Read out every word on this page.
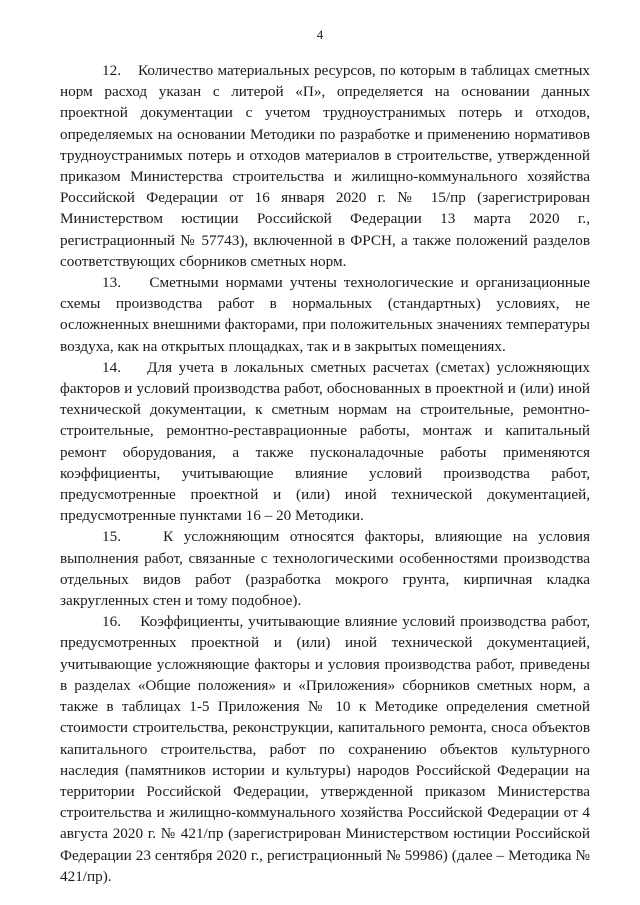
4

12.    Количество материальных ресурсов, по которым в таблицах сметных норм расход указан с литерой «П», определяется на основании данных проектной документации с учетом трудноустранимых потерь и отходов, определяемых на основании Методики по разработке и применению нормативов трудноустранимых потерь и отходов материалов в строительстве, утвержденной приказом Министерства строительства и жилищно-коммунального хозяйства Российской Федерации от 16 января 2020 г. № 15/пр (зарегистрирован Министерством юстиции Российской Федерации 13 марта 2020 г., регистрационный № 57743), включенной в ФРСН, а также положений разделов соответствующих сборников сметных норм.

13.    Сметными нормами учтены технологические и организационные схемы производства работ в нормальных (стандартных) условиях, не осложненных внешними факторами, при положительных значениях температуры воздуха, как на открытых площадках, так и в закрытых помещениях.

14.    Для учета в локальных сметных расчетах (сметах) усложняющих факторов и условий производства работ, обоснованных в проектной и (или) иной технической документации, к сметным нормам на строительные, ремонтно-строительные, ремонтно-реставрационные работы, монтаж и капитальный ремонт оборудования, а также пусконаладочные работы применяются коэффициенты, учитывающие влияние условий производства работ, предусмотренные проектной и (или) иной технической документацией, предусмотренные пунктами 16 – 20 Методики.

15.    К усложняющим относятся факторы, влияющие на условия выполнения работ, связанные с технологическими особенностями производства отдельных видов работ (разработка мокрого грунта, кирпичная кладка закругленных стен и тому подобное).

16.    Коэффициенты, учитывающие влияние условий производства работ, предусмотренных проектной и (или) иной технической документацией, учитывающие усложняющие факторы и условия производства работ, приведены в разделах «Общие положения» и «Приложения» сборников сметных норм, а также в таблицах 1-5 Приложения № 10 к Методике определения сметной стоимости строительства, реконструкции, капитального ремонта, сноса объектов капитального строительства, работ по сохранению объектов культурного наследия (памятников истории и культуры) народов Российской Федерации на территории Российской Федерации, утвержденной приказом Министерства строительства и жилищно-коммунального хозяйства Российской Федерации от 4 августа 2020 г. № 421/пр (зарегистрирован Министерством юстиции Российской Федерации 23 сентября 2020 г., регистрационный № 59986) (далее – Методика № 421/пр).
